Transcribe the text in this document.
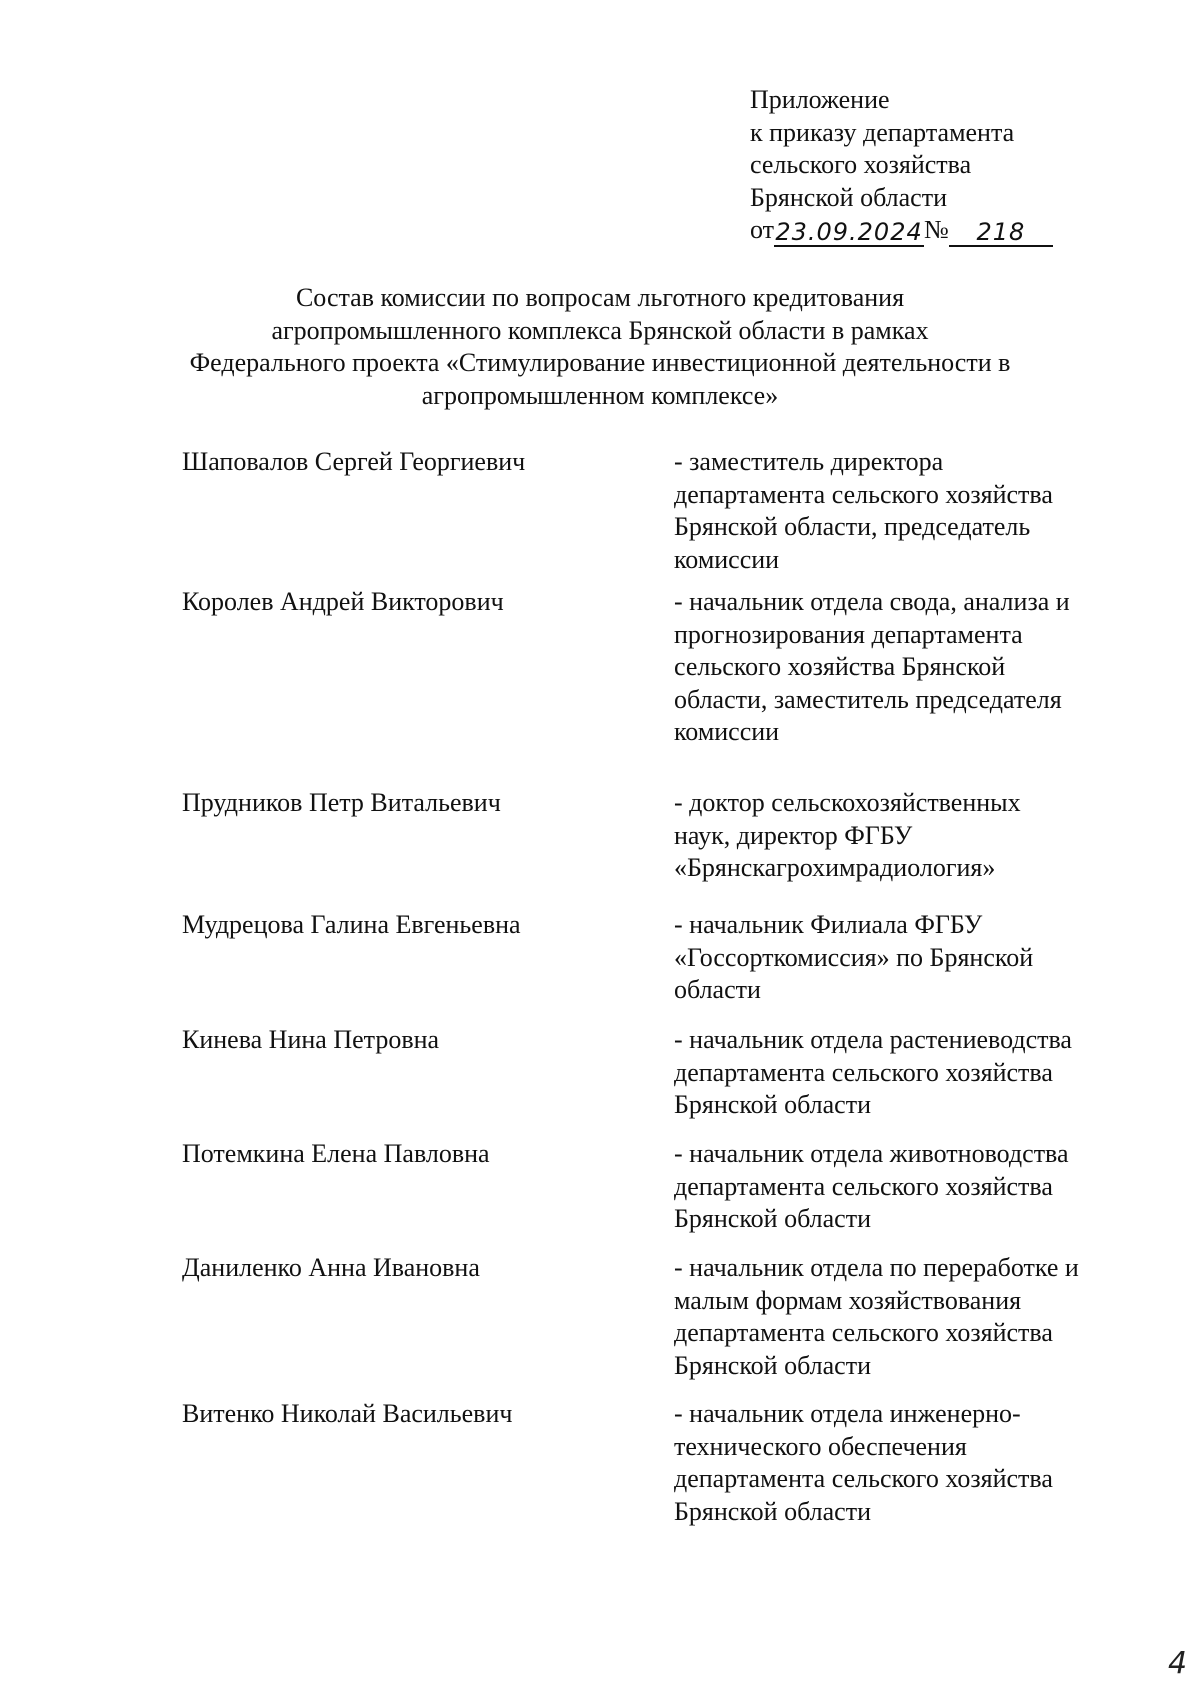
Приложение
к приказу департамента
сельского хозяйства
Брянской области
от 23.09.2024 №	218
Состав комиссии по вопросам льготного кредитования
агропромышленного комплекса Брянской области в рамках
Федерального проекта «Стимулирование инвестиционной деятельности в
агропромышленном комплексе»
Шаповалов Сергей Георгиевич	- заместитель директора
департамента сельского хозяйства
Брянской области, председатель
комиссии
Королев Андрей Викторович	- начальник отдела свода, анализа и
прогнозирования департамента
сельского хозяйства Брянской
области, заместитель председателя
комиссии
Прудников Петр Витальевич	- доктор сельскохозяйственных
наук, директор ФГБУ
«Брянскагрохимрадиология»
Мудрецова Галина Евгеньевна	- начальник Филиала ФГБУ
«Госсорткомиссия» по Брянской
области
Кинева Нина Петровна	- начальник отдела растениеводства
департамента сельского хозяйства
Брянской области
Потемкина Елена Павловна	- начальник отдела животноводства
департамента сельского хозяйства
Брянской области
Даниленко Анна Ивановна	- начальник отдела по переработке и
малым формам хозяйствования
департамента сельского хозяйства
Брянской области
Витенко Николай Васильевич	- начальник отдела инженерно-
технического обеспечения
департамента сельского хозяйства
Брянской области
4
